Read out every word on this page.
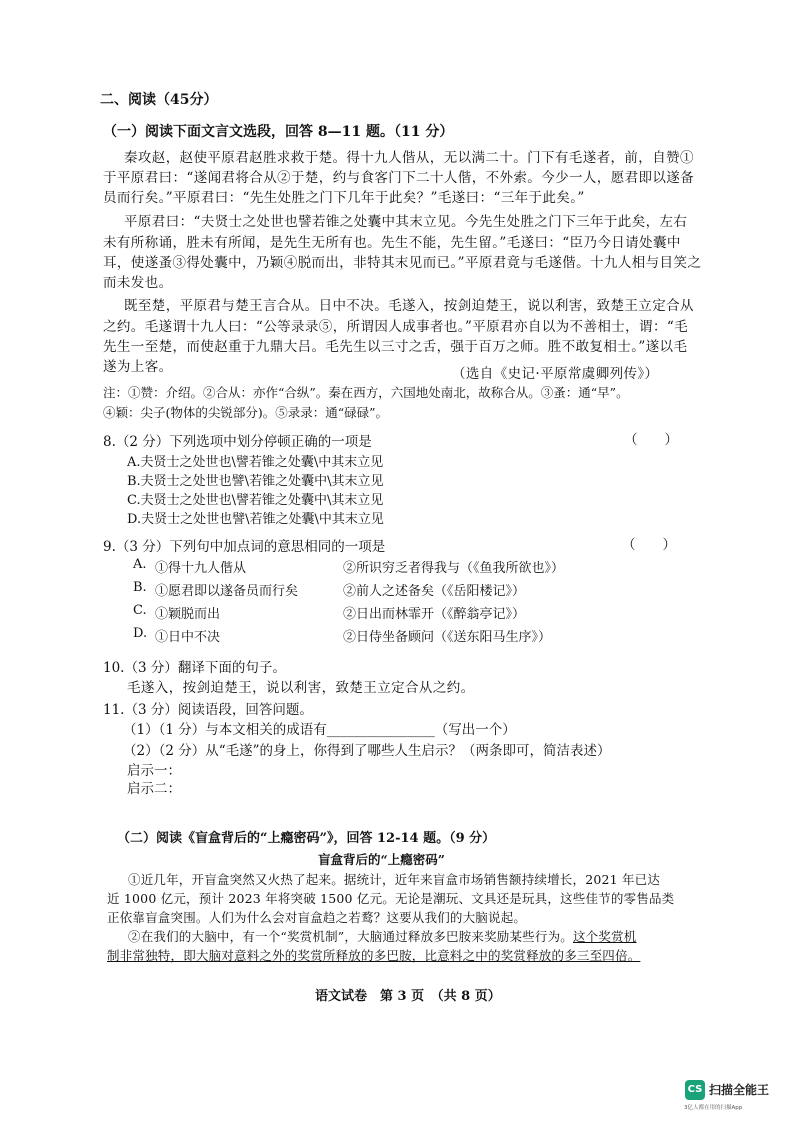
二、阅读（45分）
（一）阅读下面文言文选段，回答 8—11 题。（11 分）
秦攻赵，赵使平原君赵胜求救于楚。得十九人偕从，无以满二十。门下有毛遂者，前，自赞①
于平原君曰：“遂闻君将合从②于楚，约与食客门下二十人偕，不外索。今少一人，愿君即以遂备
员而行矣。”平原君曰：“先生处胜之门下几年于此矣？”毛遂曰：“三年于此矣。”
平原君曰：“夫贤士之处世也譬若锥之处囊中其末立见。今先生处胜之门下三年于此矣，左右
未有所称诵，胜未有所闻，是先生无所有也。先生不能，先生留。”毛遂曰：“臣乃今日请处囊中
耳，使遂蚤③得处囊中，乃颖④脱而出，非特其末见而已。”平原君竟与毛遂偕。十九人相与目笑之
而未发也。
既至楚，平原君与楚王言合从。日中不决。毛遂入，按剑迫楚王，说以利害，致楚王立定合从
之约。毛遂谓十九人曰：“公等录录⑤，所谓因人成事者也。”平原君亦自以为不善相士，谓：“毛
先生一至楚，而使赵重于九鼎大吕。毛先生以三寸之舌，强于百万之师。胜不敢复相士。”遂以毛
遂为上客。	（选自《史记·平原常虞卿列传》）
注：①赞：介绍。②合从：亦作“合纵”。秦在西方，六国地处南北，故称合从。③蚤：通“早”。
④颖：尖子(物体的尖锐部分)。⑤录录：通“碌碌”。
8.（2 分）下列选项中划分停顿正确的一项是	（　　）
A.夫贤士之处世也\譬若锥之处囊\中其末立见
B.夫贤士之处世也譬\若锥之处囊中\其末立见
C.夫贤士之处世也\譬若锥之处囊中\其末立见
D.夫贤士之处世也譬\若锥之处囊\中其末立见
9.（3 分）下列句中加点词的意思相同的一项是	（　　）
A. ①得十九人偕从	②所识穷乏者得我与（《鱼我所欲也》）
B. ①愿君即以遂备员而行矣	②前人之述备矣（《岳阳楼记》）
C. ①颖脱而出	②日出而林霏开（《醉翁亭记》）
D. ①日中不决	②日侍坐备顾问（《送东阳马生序》）
10.（3 分）翻译下面的句子。
毛遂入，按剑迫楚王，说以利害，致楚王立定合从之约。
11.（3 分）阅读语段，回答问题。
（1）（1 分）与本文相关的成语有________________（写出一个）
（2）（2 分）从“毛遂”的身上，你得到了哪些人生启示？（两条即可，简洁表述）
启示一：
启示二：
（二）阅读《盲盒背后的“上瘾密码”》，回答 12-14 题。（9 分）
盲盒背后的“上瘾密码”
①近几年，开盲盒突然又火热了起来。据统计，近年来盲盒市场销售额持续增长，2021 年已达
近 1000 亿元，预计 2023 年将突破 1500 亿元。无论是潮玩、文具还是玩具，这些佳节的零售品类
正依靠盲盒突围。人们为什么会对盲盒趋之若鹜？这要从我们的大脑说起。
②在我们的大脑中，有一个“奖赏机制”，大脑通过释放多巴胺来奖励某些行为。这个奖赏机
制非常独特，即大脑对意料之外的奖赏所释放的多巴胺，比意料之中的奖赏释放的多三至四倍。
语文试卷　第 3 页　（共 8 页）
CS 扫描全能王
3亿人都在用的扫描App
